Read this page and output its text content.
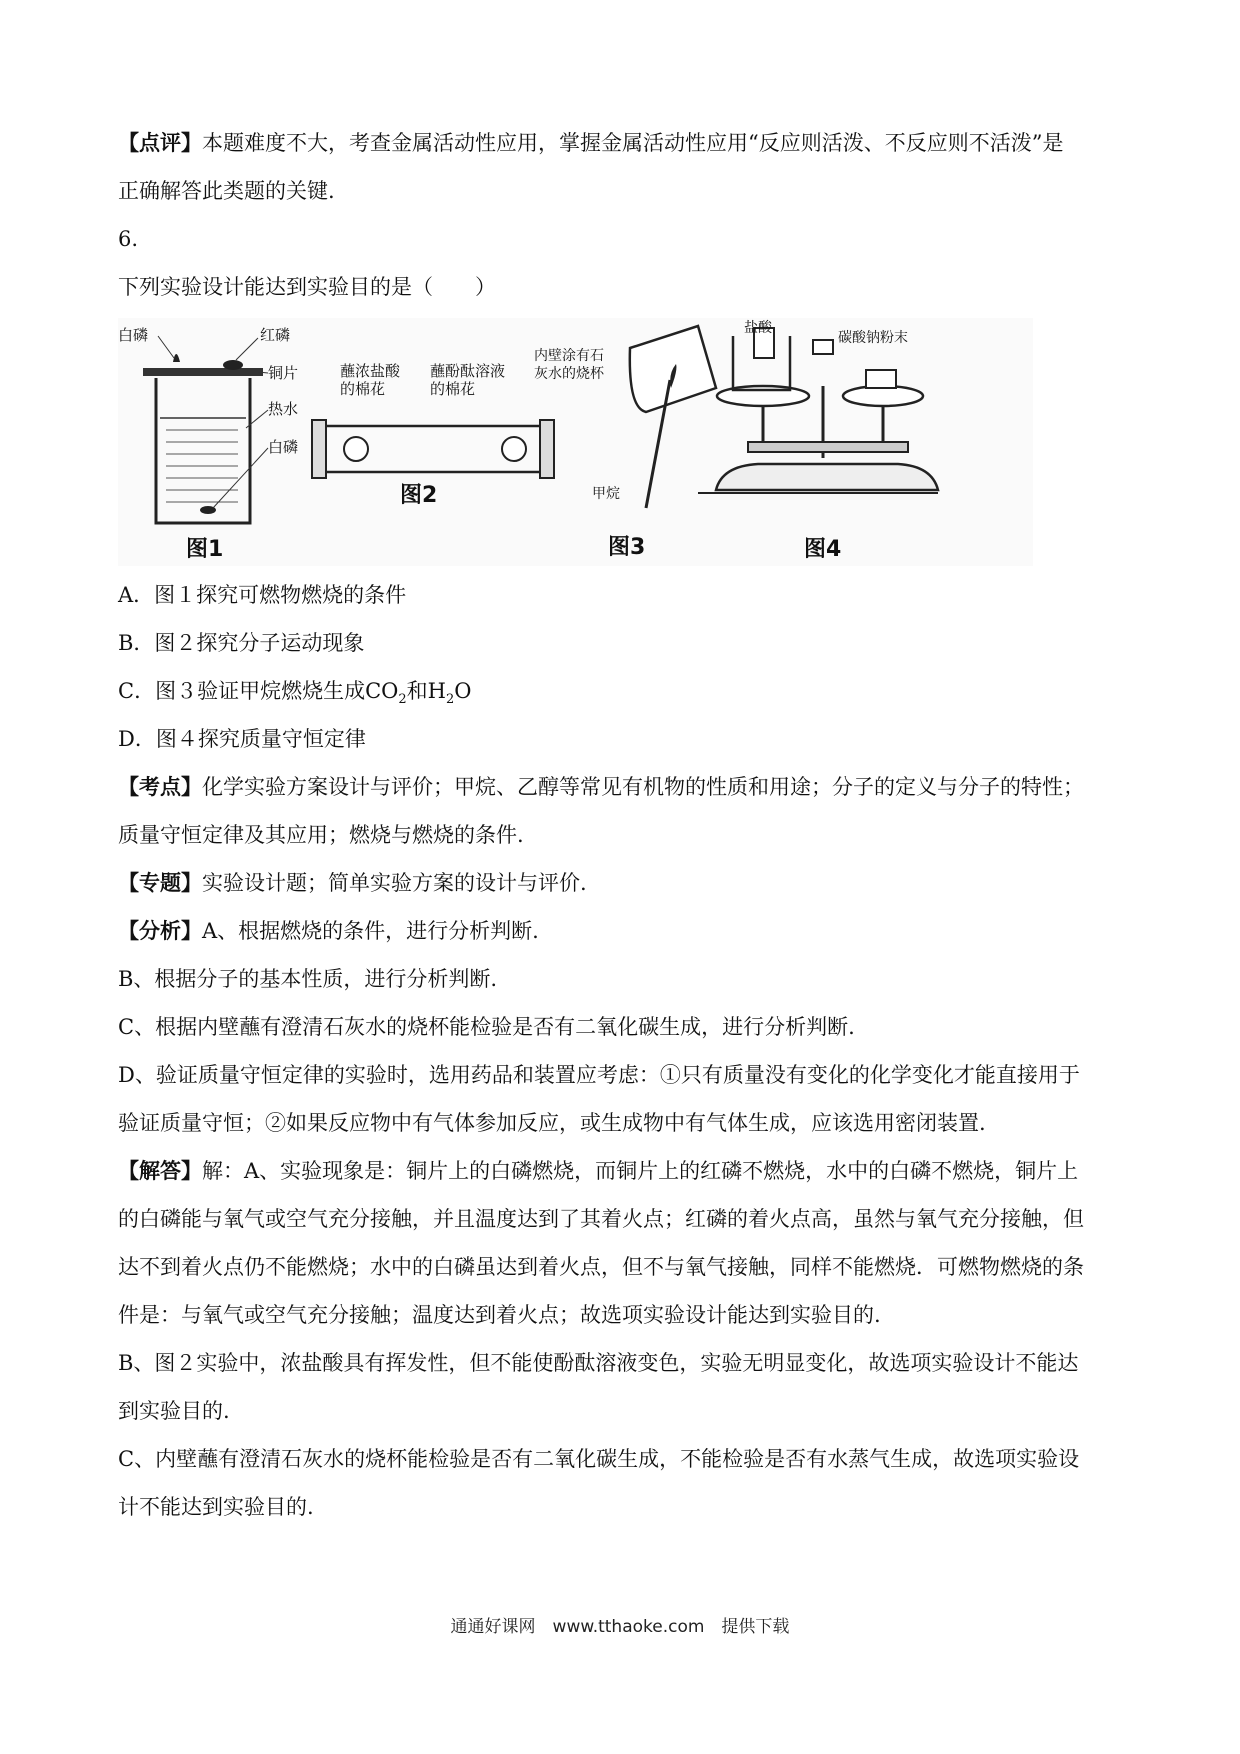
【点评】本题难度不大，考查金属活动性应用，掌握金属活动性应用“反应则活泼、不反应则不活泼”是
正确解答此类题的关键.
6.
下列实验设计能达到实验目的是（　　）
白磷	红磷
铜片
热水
白磷
图1
蘸浓盐酸
的棉花
蘸酚酞溶液
的棉花
图2
内壁涂有石
灰水的烧杯
甲烷
图3
盐酸
碳酸钠粉末
图4
A．图１探究可燃物燃烧的条件
B．图２探究分子运动现象
C．图３验证甲烷燃烧生成$CO_2$和$H_2O$
D．图４探究质量守恒定律
【考点】化学实验方案设计与评价；甲烷、乙醇等常见有机物的性质和用途；分子的定义与分子的特性；
质量守恒定律及其应用；燃烧与燃烧的条件.
【专题】实验设计题；简单实验方案的设计与评价.
【分析】A、根据燃烧的条件，进行分析判断.
B、根据分子的基本性质，进行分析判断.
C、根据内壁蘸有澄清石灰水的烧杯能检验是否有二氧化碳生成，进行分析判断.
D、验证质量守恒定律的实验时，选用药品和装置应考虑：①只有质量没有变化的化学变化才能直接用于
验证质量守恒；②如果反应物中有气体参加反应，或生成物中有气体生成，应该选用密闭装置.
【解答】解：A、实验现象是：铜片上的白磷燃烧，而铜片上的红磷不燃烧，水中的白磷不燃烧，铜片上
的白磷能与氧气或空气充分接触，并且温度达到了其着火点；红磷的着火点高，虽然与氧气充分接触，但
达不到着火点仍不能燃烧；水中的白磷虽达到着火点，但不与氧气接触，同样不能燃烧．可燃物燃烧的条
件是：与氧气或空气充分接触；温度达到着火点；故选项实验设计能达到实验目的.
B、图２实验中，浓盐酸具有挥发性，但不能使酚酞溶液变色，实验无明显变化，故选项实验设计不能达
到实验目的.
C、内壁蘸有澄清石灰水的烧杯能检验是否有二氧化碳生成，不能检验是否有水蒸气生成，故选项实验设
计不能达到实验目的.
通通好课网　www.tthaoke.com　提供下载
